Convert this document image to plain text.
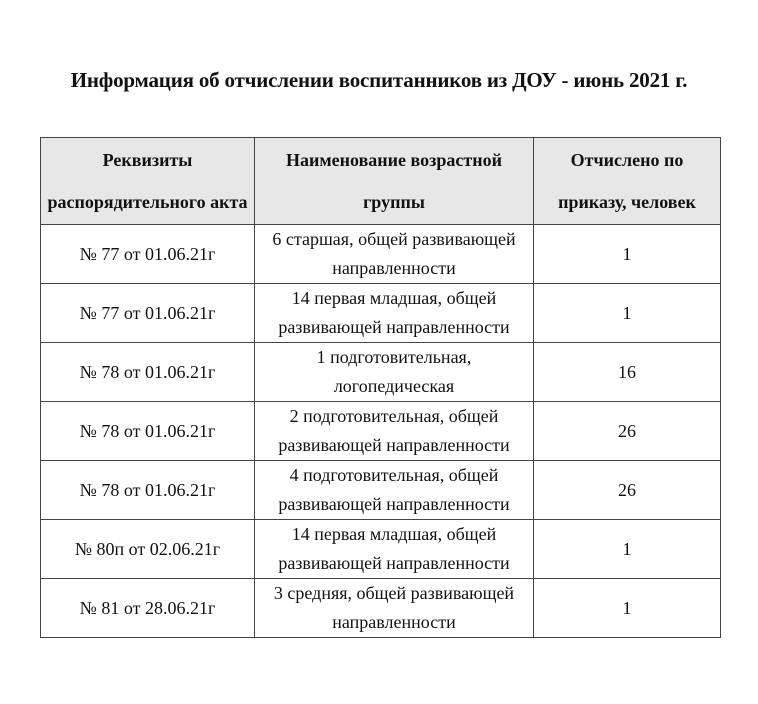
Информация об отчислении воспитанников из ДОУ - июнь 2021 г.
Реквизиты распорядительного акта	Наименование возрастной группы	Отчислено по приказу, человек
№ 77 от 01.06.21г	6 старшая, общей развивающей направленности	1
№ 77 от 01.06.21г	14 первая младшая, общей развивающей направленности	1
№ 78 от 01.06.21г	1 подготовительная, логопедическая	16
№ 78 от 01.06.21г	2 подготовительная, общей развивающей направленности	26
№ 78 от 01.06.21г	4 подготовительная, общей развивающей направленности	26
№ 80п от 02.06.21г	14 первая младшая, общей развивающей направленности	1
№ 81 от 28.06.21г	3 средняя, общей развивающей направленности	1
